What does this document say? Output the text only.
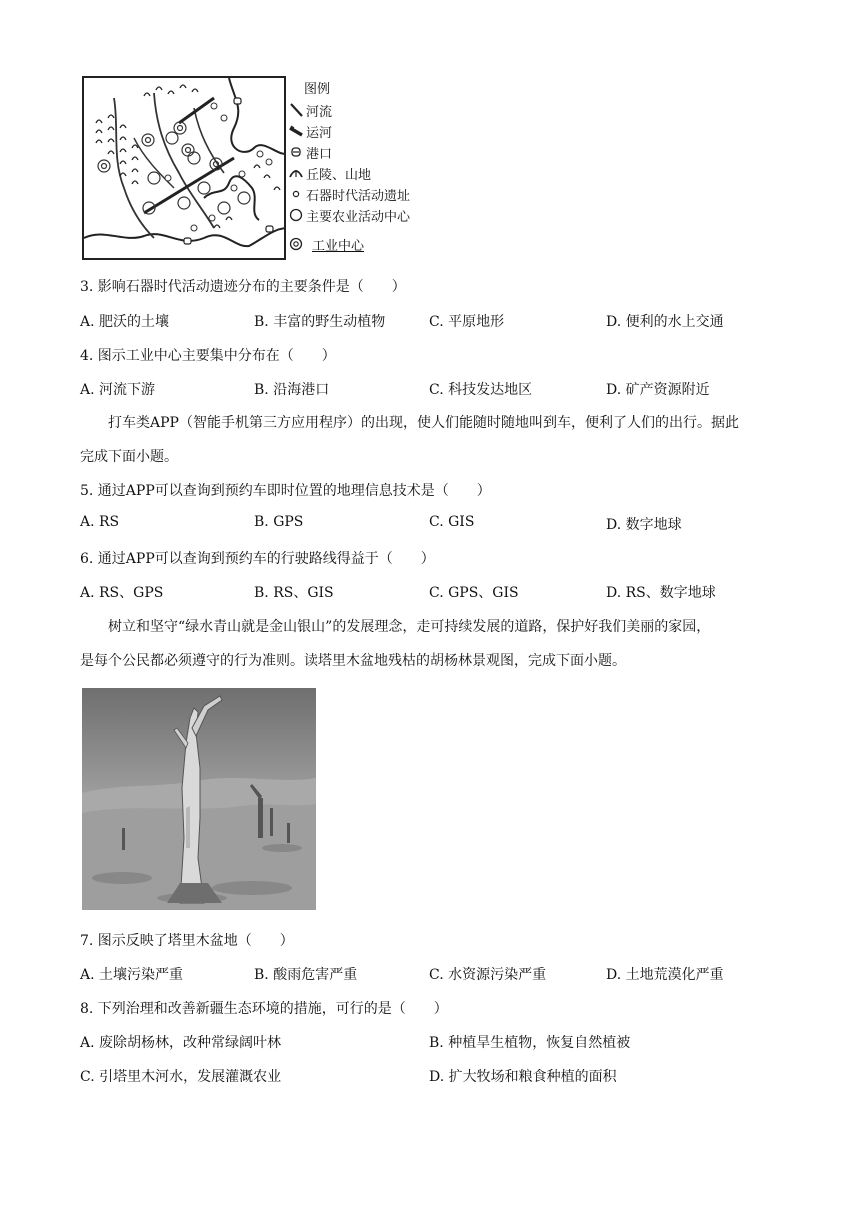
图例
河流
运河
港口
丘陵、山地
石器时代活动遗址
主要农业活动中心
工业中心
3. 影响石器时代活动遗迹分布的主要条件是（　　）
A. 肥沃的土壤	B. 丰富的野生动植物	C. 平原地形	D. 便利的水上交通
4. 图示工业中心主要集中分布在（　　）
A. 河流下游	B. 沿海港口	C. 科技发达地区	D. 矿产资源附近
　　打车类APP（智能手机第三方应用程序）的出现，使人们能随时随地叫到车，便利了人们的出行。据此
完成下面小题。
5. 通过APP可以查询到预约车即时位置的地理信息技术是（　　）
A. RS	B. GPS	C. GIS	D. 数字地球
6. 通过APP可以查询到预约车的行驶路线得益于（　　）
A. RS、GPS	B. RS、GIS	C. GPS、GIS	D. RS、数字地球
　　树立和坚守“绿水青山就是金山银山”的发展理念，走可持续发展的道路，保护好我们美丽的家园，
是每个公民都必须遵守的行为准则。读塔里木盆地残枯的胡杨林景观图，完成下面小题。
7. 图示反映了塔里木盆地（　　）
A. 土壤污染严重	B. 酸雨危害严重	C. 水资源污染严重	D. 土地荒漠化严重
8. 下列治理和改善新疆生态环境的措施，可行的是（　　）
A. 废除胡杨林，改种常绿阔叶林	B. 种植旱生植物，恢复自然植被
C. 引塔里木河水，发展灌溉农业	D. 扩大牧场和粮食种植的面积
